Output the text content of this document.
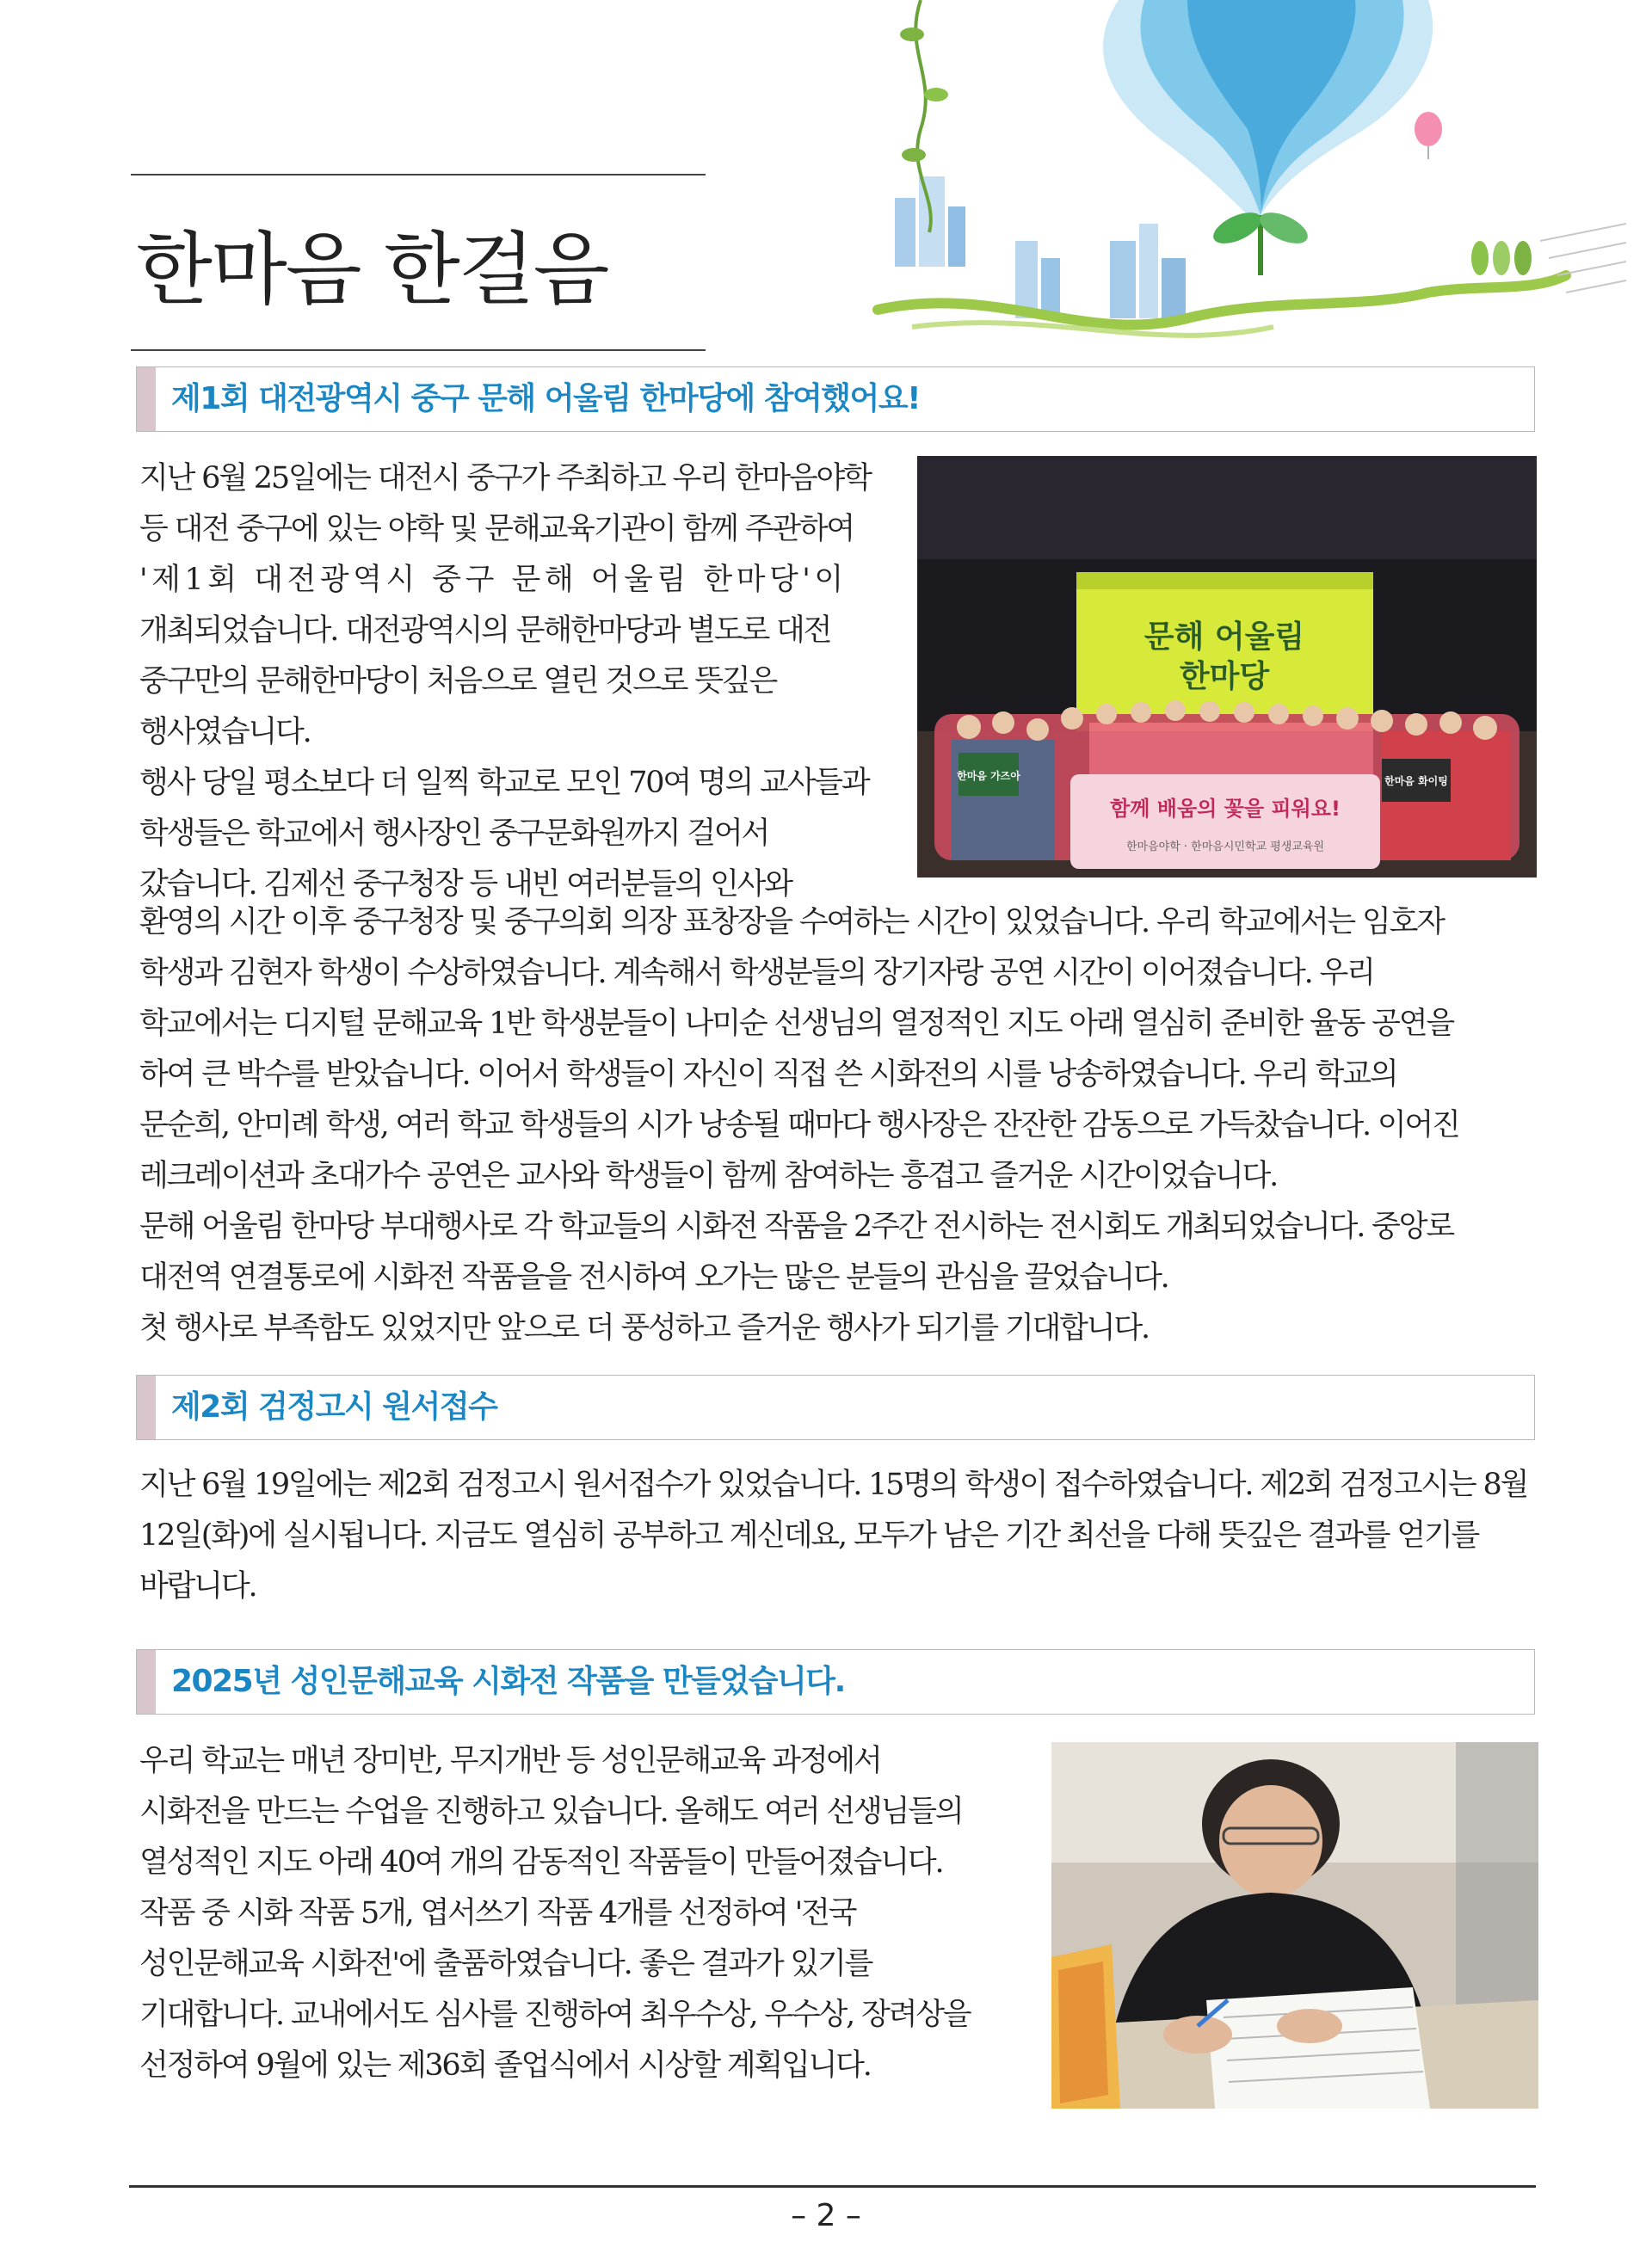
한마음 한걸음
제1회 대전광역시 중구 문해 어울림 한마당에 참여했어요!

지난 6월 25일에는 대전시 중구가 주최하고 우리 한마음야학

등 대전 중구에 있는 야학 및 문해교육기관이 함께 주관하여

'제1회 대전광역시 중구 문해 어울림 한마당'이

개최되었습니다. 대전광역시의 문해한마당과 별도로 대전

중구만의 문해한마당이 처음으로 열린 것으로 뜻깊은

행사였습니다.

행사 당일 평소보다 더 일찍 학교로 모인 70여 명의 교사들과

학생들은 학교에서 행사장인 중구문화원까지 걸어서

갔습니다. 김제선 중구청장 등 내빈 여러분들의 인사와

문해 어울림
한마당
함께 배움의 꽃을 피워요!
한마음야학 · 한마음시민학교 평생교육원
한마음 가즈아	한마음 화이팅

환영의 시간 이후 중구청장 및 중구의회 의장 표창장을 수여하는 시간이 있었습니다. 우리 학교에서는 임호자

학생과 김현자 학생이 수상하였습니다. 계속해서 학생분들의 장기자랑 공연 시간이 이어졌습니다. 우리

학교에서는 디지털 문해교육 1반 학생분들이 나미순 선생님의 열정적인 지도 아래 열심히 준비한 율동 공연을

하여 큰 박수를 받았습니다. 이어서 학생들이 자신이 직접 쓴 시화전의 시를 낭송하였습니다. 우리 학교의

문순희, 안미례 학생, 여러 학교 학생들의 시가 낭송될 때마다 행사장은 잔잔한 감동으로 가득찼습니다. 이어진

레크레이션과 초대가수 공연은 교사와 학생들이 함께 참여하는 흥겹고 즐거운 시간이었습니다.

문해 어울림 한마당 부대행사로 각 학교들의 시화전 작품을 2주간 전시하는 전시회도 개최되었습니다. 중앙로

대전역 연결통로에 시화전 작품을을 전시하여 오가는 많은 분들의 관심을 끌었습니다.

첫 행사로 부족함도 있었지만 앞으로 더 풍성하고 즐거운 행사가 되기를 기대합니다.

제2회 검정고시 원서접수

지난 6월 19일에는 제2회 검정고시 원서접수가 있었습니다. 15명의 학생이 접수하였습니다. 제2회 검정고시는 8월

12일(화)에 실시됩니다. 지금도 열심히 공부하고 계신데요, 모두가 남은 기간 최선을 다해 뜻깊은 결과를 얻기를

바랍니다.

2025년 성인문해교육 시화전 작품을 만들었습니다.

우리 학교는 매년 장미반, 무지개반 등 성인문해교육 과정에서

시화전을 만드는 수업을 진행하고 있습니다. 올해도 여러 선생님들의

열성적인 지도 아래 40여 개의 감동적인 작품들이 만들어졌습니다.

작품 중 시화 작품 5개, 엽서쓰기 작품 4개를 선정하여 '전국

성인문해교육 시화전'에 출품하였습니다. 좋은 결과가 있기를

기대합니다. 교내에서도 심사를 진행하여 최우수상, 우수상, 장려상을

선정하여 9월에 있는 제36회 졸업식에서 시상할 계획입니다.

– 2 –
